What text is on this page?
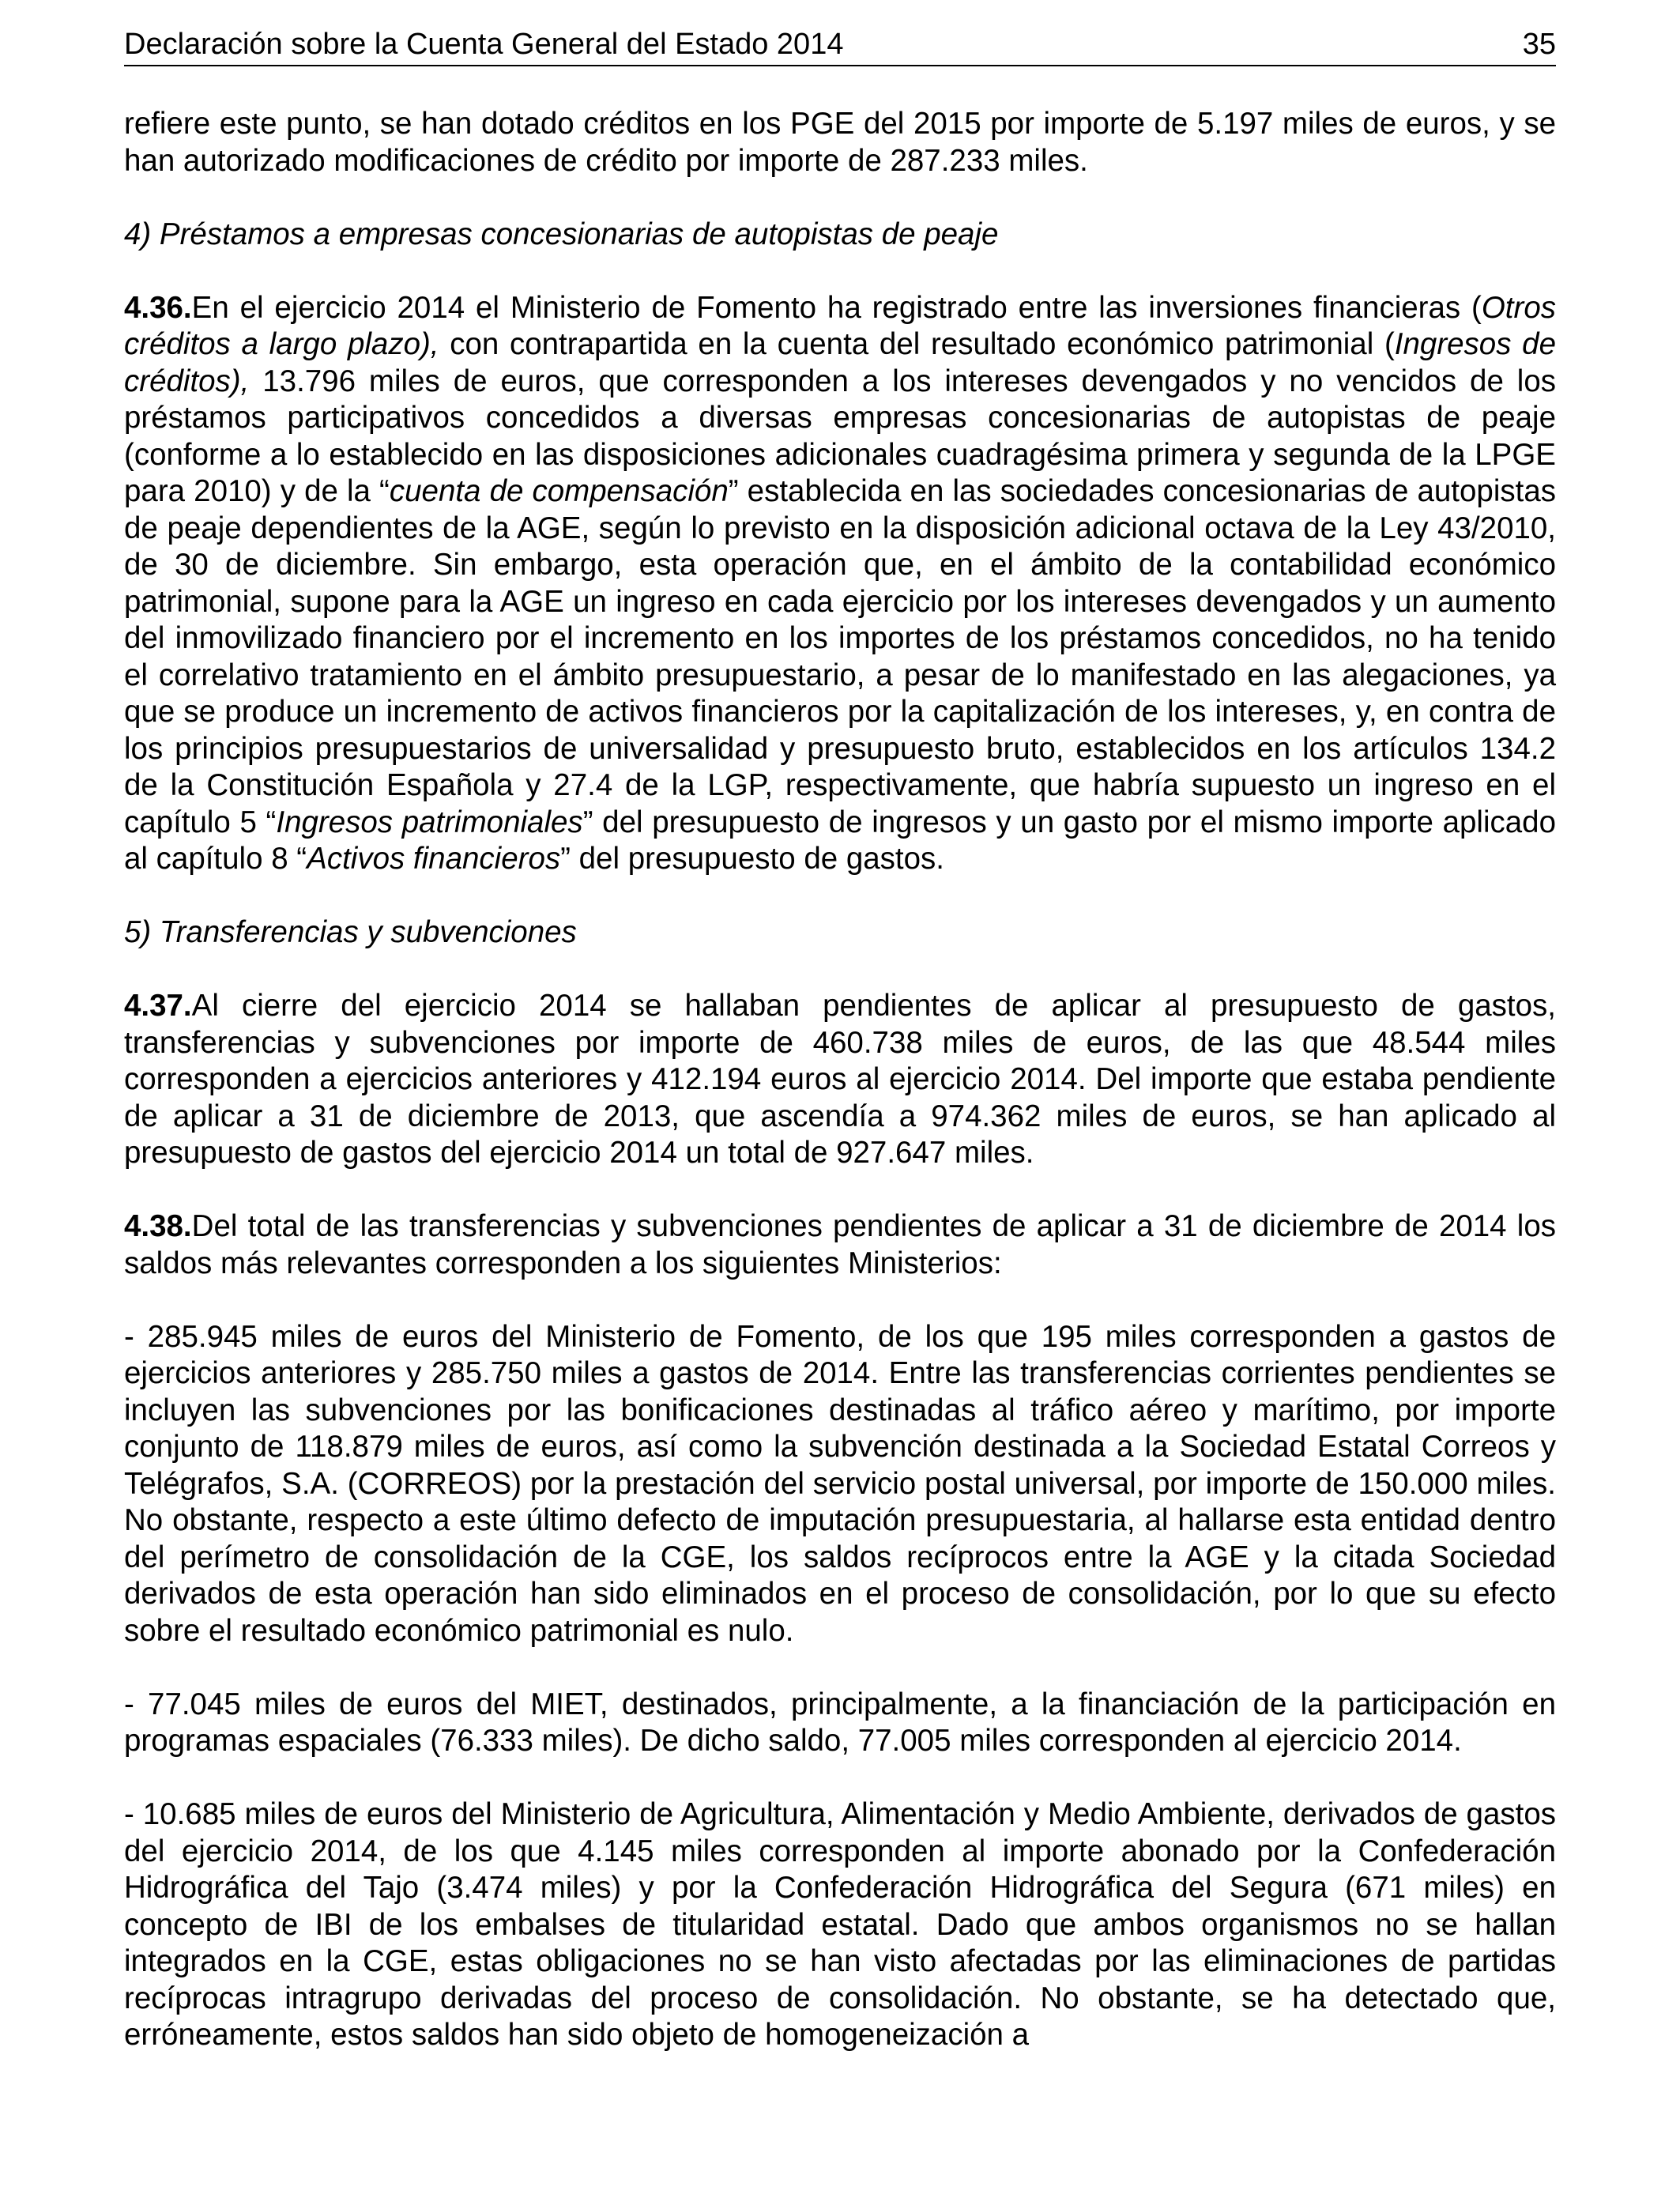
Declaración sobre la Cuenta General del Estado 2014	35

refiere este punto, se han dotado créditos en los PGE del 2015 por importe de 5.197 miles de euros, y se han autorizado modificaciones de crédito por importe de 287.233 miles.

4) Préstamos a empresas concesionarias de autopistas de peaje

4.36.En el ejercicio 2014 el Ministerio de Fomento ha registrado entre las inversiones financieras (Otros créditos a largo plazo), con contrapartida en la cuenta del resultado económico patrimonial (Ingresos de créditos), 13.796 miles de euros, que corresponden a los intereses devengados y no vencidos de los préstamos participativos concedidos a diversas empresas concesionarias de autopistas de peaje (conforme a lo establecido en las disposiciones adicionales cuadragésima primera y segunda de la LPGE para 2010) y de la “cuenta de compensación” establecida en las sociedades concesionarias de autopistas de peaje dependientes de la AGE, según lo previsto en la disposición adicional octava de la Ley 43/2010, de 30 de diciembre. Sin embargo, esta operación que, en el ámbito de la contabilidad económico patrimonial, supone para la AGE un ingreso en cada ejercicio por los intereses devengados y un aumento del inmovilizado financiero por el incremento en los importes de los préstamos concedidos, no ha tenido el correlativo tratamiento en el ámbito presupuestario, a pesar de lo manifestado en las alegaciones, ya que se produce un incremento de activos financieros por la capitalización de los intereses, y, en contra de los principios presupuestarios de universalidad y presupuesto bruto, establecidos en los artículos 134.2 de la Constitución Española y 27.4 de la LGP, respectivamente, que habría supuesto un ingreso en el capítulo 5 “Ingresos patrimoniales” del presupuesto de ingresos y un gasto por el mismo importe aplicado al capítulo 8 “Activos financieros” del presupuesto de gastos.

5) Transferencias y subvenciones

4.37.Al cierre del ejercicio 2014 se hallaban pendientes de aplicar al presupuesto de gastos, transferencias y subvenciones por importe de 460.738 miles de euros, de las que 48.544 miles corresponden a ejercicios anteriores y 412.194 euros al ejercicio 2014. Del importe que estaba pendiente de aplicar a 31 de diciembre de 2013, que ascendía a 974.362 miles de euros, se han aplicado al presupuesto de gastos del ejercicio 2014 un total de 927.647 miles.

4.38.Del total de las transferencias y subvenciones pendientes de aplicar a 31 de diciembre de 2014 los saldos más relevantes corresponden a los siguientes Ministerios:

- 285.945 miles de euros del Ministerio de Fomento, de los que 195 miles corresponden a gastos de ejercicios anteriores y 285.750 miles a gastos de 2014. Entre las transferencias corrientes pendientes se incluyen las subvenciones por las bonificaciones destinadas al tráfico aéreo y marítimo, por importe conjunto de 118.879 miles de euros, así como la subvención destinada a la Sociedad Estatal Correos y Telégrafos, S.A. (CORREOS) por la prestación del servicio postal universal, por importe de 150.000 miles. No obstante, respecto a este último defecto de imputación presupuestaria, al hallarse esta entidad dentro del perímetro de consolidación de la CGE, los saldos recíprocos entre la AGE y la citada Sociedad derivados de esta operación han sido eliminados en el proceso de consolidación, por lo que su efecto sobre el resultado económico patrimonial es nulo.

- 77.045 miles de euros del MIET, destinados, principalmente, a la financiación de la participación en programas espaciales (76.333 miles). De dicho saldo, 77.005 miles corresponden al ejercicio 2014.

- 10.685 miles de euros del Ministerio de Agricultura, Alimentación y Medio Ambiente, derivados de gastos del ejercicio 2014, de los que 4.145 miles corresponden al importe abonado por la Confederación Hidrográfica del Tajo (3.474 miles) y por la Confederación Hidrográfica del Segura (671 miles) en concepto de IBI de los embalses de titularidad estatal. Dado que ambos organismos no se hallan integrados en la CGE, estas obligaciones no se han visto afectadas por las eliminaciones de partidas recíprocas intragrupo derivadas del proceso de consolidación. No obstante, se ha detectado que, erróneamente, estos saldos han sido objeto de homogeneización a
